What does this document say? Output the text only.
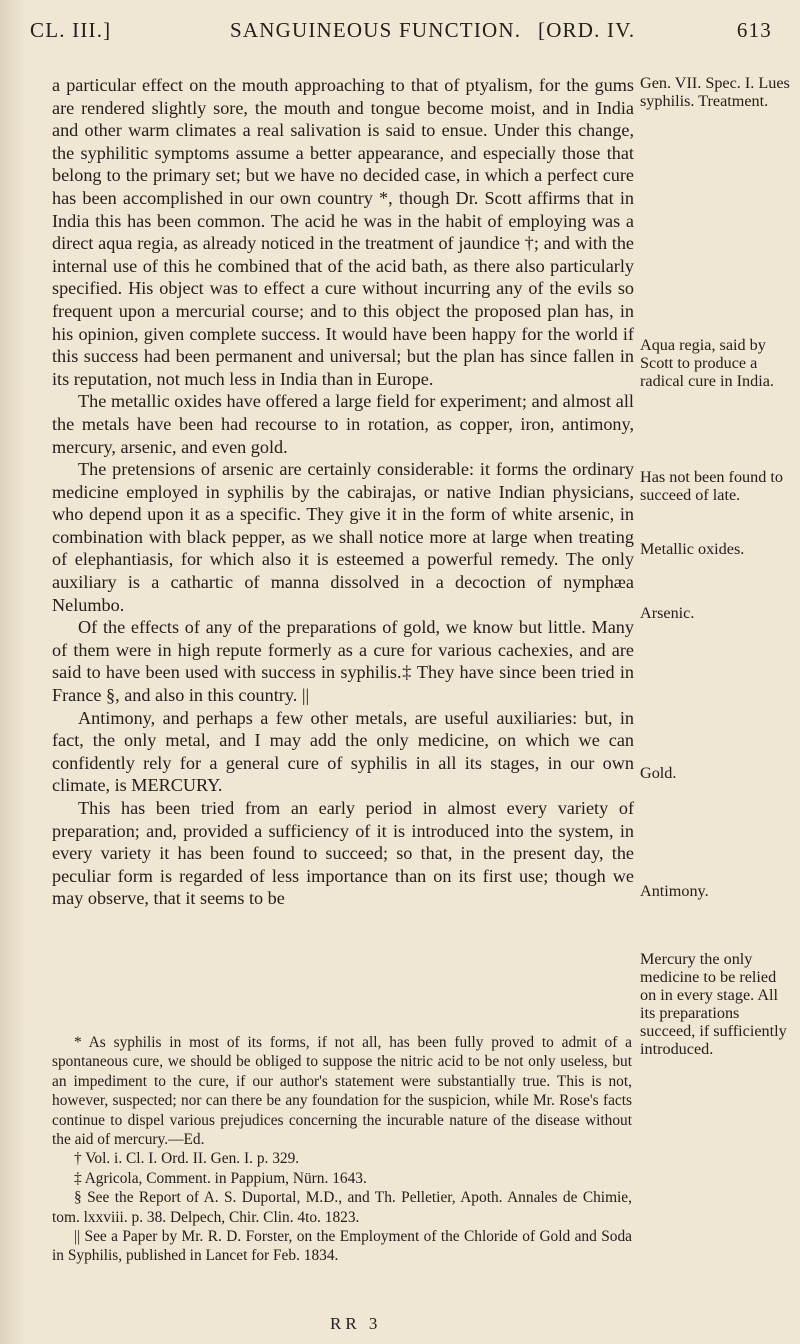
CL. III.]	SANGUINEOUS FUNCTION. [ORD. IV.	613

a particular effect on the mouth approaching to that of ptyalism, for the gums are rendered slightly sore, the mouth and tongue become moist, and in India and other warm climates a real salivation is said to ensue. Under this change, the syphilitic symptoms assume a better appearance, and especially those that belong to the primary set; but we have no decided case, in which a perfect cure has been accomplished in our own country *, though Dr. Scott affirms that in India this has been common. The acid he was in the habit of employing was a direct aqua regia, as already noticed in the treatment of jaundice †; and with the internal use of this he combined that of the acid bath, as there also particularly specified. His object was to effect a cure without incurring any of the evils so frequent upon a mercurial course; and to this object the proposed plan has, in his opinion, given complete success. It would have been happy for the world if this success had been permanent and universal; but the plan has since fallen in its reputation, not much less in India than in Europe.

The metallic oxides have offered a large field for experiment; and almost all the metals have been had recourse to in rotation, as copper, iron, antimony, mercury, arsenic, and even gold.

The pretensions of arsenic are certainly considerable: it forms the ordinary medicine employed in syphilis by the cabirajas, or native Indian physicians, who depend upon it as a specific. They give it in the form of white arsenic, in combination with black pepper, as we shall notice more at large when treating of elephantiasis, for which also it is esteemed a powerful remedy. The only auxiliary is a cathartic of manna dissolved in a decoction of nymphæa Nelumbo.

Of the effects of any of the preparations of gold, we know but little. Many of them were in high repute formerly as a cure for various cachexies, and are said to have been used with success in syphilis.‡ They have since been tried in France §, and also in this country. ||

Antimony, and perhaps a few other metals, are useful auxiliaries: but, in fact, the only metal, and I may add the only medicine, on which we can confidently rely for a general cure of syphilis in all its stages, in our own climate, is MERCURY.

This has been tried from an early period in almost every variety of preparation; and, provided a sufficiency of it is introduced into the system, in every variety it has been found to succeed; so that, in the present day, the peculiar form is regarded of less importance than on its first use; though we may observe, that it seems to be

Gen. VII. Spec. I. Lues syphilis. Treatment.
Aqua regia, said by Scott to produce a radical cure in India.
Has not been found to succeed of late.
Metallic oxides.
Arsenic.
Gold.
Antimony.
Mercury the only medicine to be relied on in every stage. All its preparations succeed, if sufficiently introduced.

* As syphilis in most of its forms, if not all, has been fully proved to admit of a spontaneous cure, we should be obliged to suppose the nitric acid to be not only useless, but an impediment to the cure, if our author's statement were substantially true. This is not, however, suspected; nor can there be any foundation for the suspicion, while Mr. Rose's facts continue to dispel various prejudices concerning the incurable nature of the disease without the aid of mercury.—Ed.

† Vol. i. Cl. I. Ord. II. Gen. I. p. 329.

‡ Agricola, Comment. in Pappium, Nürn. 1643.

§ See the Report of A. S. Duportal, M.D., and Th. Pelletier, Apoth. Annales de Chimie, tom. lxxviii. p. 38. Delpech, Chir. Clin. 4to. 1823.

|| See a Paper by Mr. R. D. Forster, on the Employment of the Chloride of Gold and Soda in Syphilis, published in Lancet for Feb. 1834.

RR 3
